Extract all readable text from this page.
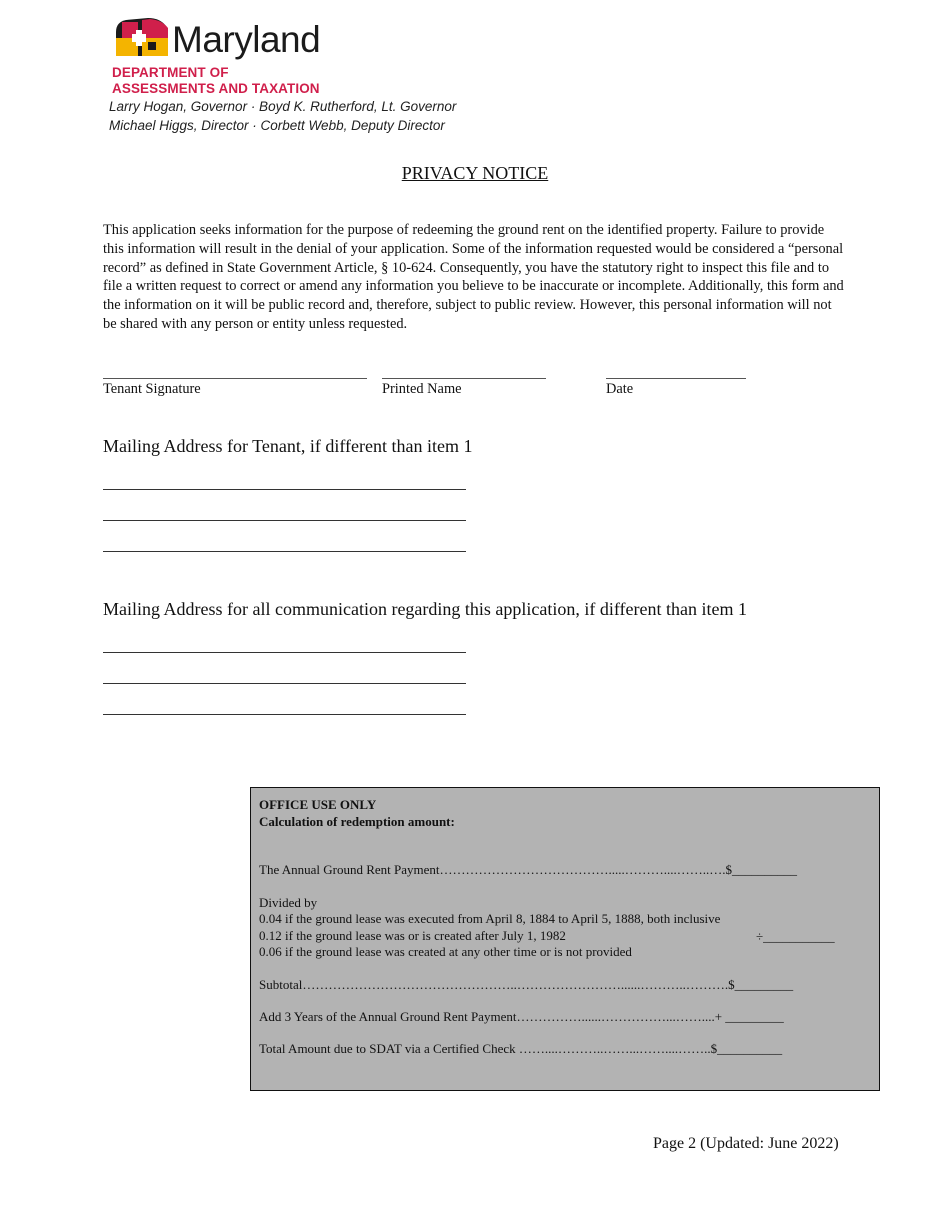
Maryland
DEPARTMENT OF
ASSESSMENTS AND TAXATION
Larry Hogan, Governor · Boyd K. Rutherford, Lt. Governor
Michael Higgs, Director · Corbett Webb, Deputy Director
PRIVACY NOTICE
This application seeks information for the purpose of redeeming the ground rent on the identified property. Failure to provide this information will result in the denial of your application. Some of the information requested would be considered a “personal record” as defined in State Government Article, § 10-624. Consequently, you have the statutory right to inspect this file and to file a written request to correct or amend any information you believe to be inaccurate or incomplete. Additionally, this form and the information on it will be public record and, therefore, subject to public review. However, this personal information will not be shared with any person or entity unless requested.
Tenant Signature	Printed Name	Date
Mailing Address for Tenant, if different than item 1
Mailing Address for all communication regarding this application, if different than item 1
OFFICE USE ONLY
Calculation of redemption amount:
The Annual Ground Rent Payment………………………………….....………....……..….$__________
Divided by
0.04 if the ground lease was executed from April 8, 1884 to April 5, 1888, both inclusive
0.12 if the ground lease was or is created after July 1, 1982	÷___________
0.06 if the ground lease was created at any other time or is not provided
Subtotal…………………………………………..……………………......………..……….$_________
Add 3 Years of the Annual Ground Rent Payment……………......……………...……....+ _________
Total Amount due to SDAT via a Certified Check ……....………..……...……....……..$__________
Page 2 (Updated: June 2022)
